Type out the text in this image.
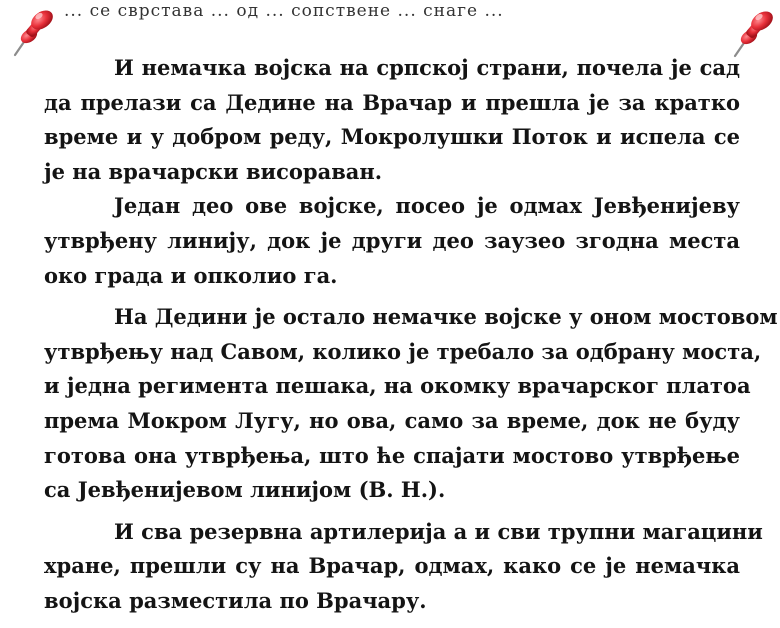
... се сврстава ... од ... сопствене ... снаге ...
И немачка војска на српској страни, почела је сад
да прелази са Дедине на Врачар и прешла је за кратко
време и у добром реду, Мокролушки Поток и испела се
је на врачарски висораван.
Један део ове војске, посео је одмах Јевђенијеву
утврђену линију, док је други део заузео згодна места
око града и опколио га.
На Дедини је остало немачке војске у оном мостовом
утврђењу над Савом, колико је требало за одбрану моста,
и једна регимента пешака, на окомку врачарског платоа
према Мокром Лугу, но ова, само за време, док не буду
готова она утврђења, што ће спајати мостово утврђење
са Јевђенијевом линијом (В. Н.).
И сва резервна артилерија а и сви трупни магацини
хране, прешли су на Врачар, одмах, како се је немачка
војска разместила по Врачару.
